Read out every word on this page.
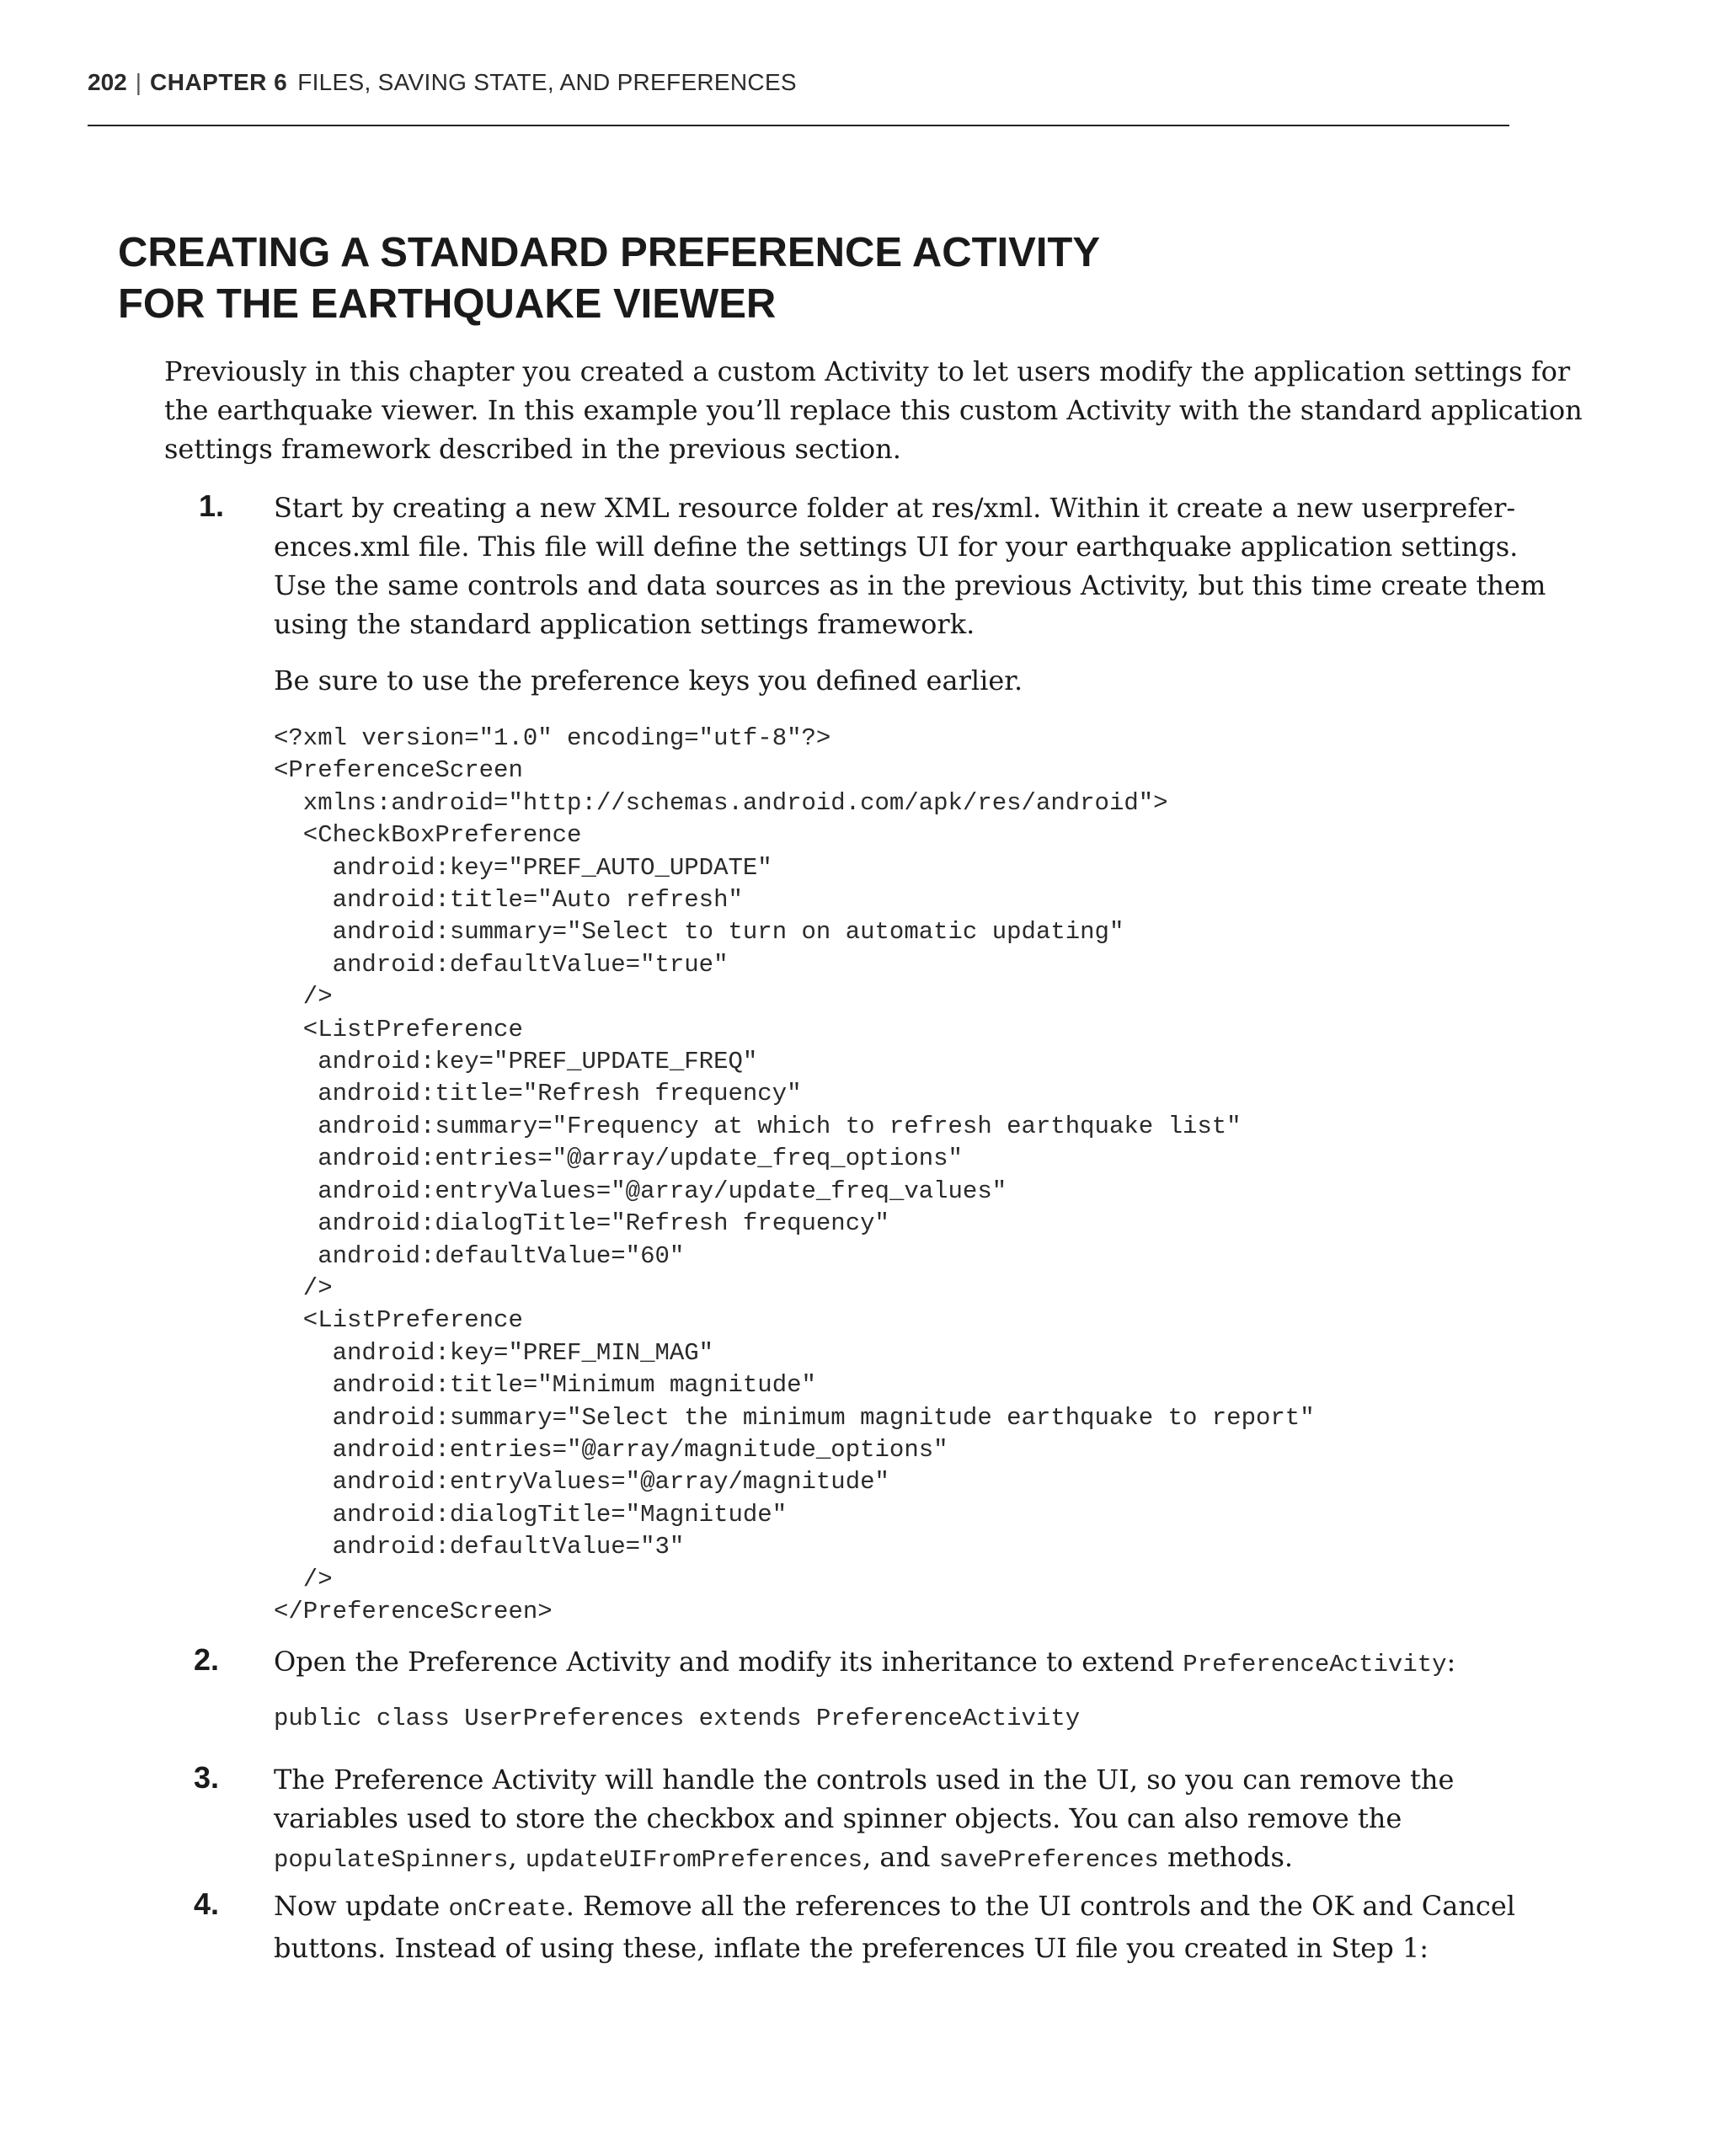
202 | CHAPTER 6 FILES, SAVING STATE, AND PREFERENCES
CREATING A STANDARD PREFERENCE ACTIVITY
FOR THE EARTHQUAKE VIEWER

Previously in this chapter you created a custom Activity to let users modify the application settings for
the earthquake viewer. In this example you’ll replace this custom Activity with the standard application
settings framework described in the previous section.

1. Start by creating a new XML resource folder at res/xml. Within it create a new userprefer-
ences.xml file. This file will define the settings UI for your earthquake application settings.
Use the same controls and data sources as in the previous Activity, but this time create them
using the standard application settings framework.

Be sure to use the preference keys you defined earlier.

<?xml version="1.0" encoding="utf-8"?>
<PreferenceScreen
xmlns:android="http://schemas.android.com/apk/res/android">
<CheckBoxPreference
android:key="PREF_AUTO_UPDATE"
android:title="Auto refresh"
android:summary="Select to turn on automatic updating"
android:defaultValue="true"
/>
<ListPreference
android:key="PREF_UPDATE_FREQ"
android:title="Refresh frequency"
android:summary="Frequency at which to refresh earthquake list"
android:entries="@array/update_freq_options"
android:entryValues="@array/update_freq_values"
android:dialogTitle="Refresh frequency"
android:defaultValue="60"
/>
<ListPreference
android:key="PREF_MIN_MAG"
android:title="Minimum magnitude"
android:summary="Select the minimum magnitude earthquake to report"
android:entries="@array/magnitude_options"
android:entryValues="@array/magnitude"
android:dialogTitle="Magnitude"
android:defaultValue="3"
/>
</PreferenceScreen>
2. Open the Preference Activity and modify its inheritance to extend PreferenceActivity:

public class UserPreferences extends PreferenceActivity
3. The Preference Activity will handle the controls used in the UI, so you can remove the
variables used to store the checkbox and spinner objects. You can also remove the
populateSpinners, updateUIFromPreferences, and savePreferences methods.

4. Now update onCreate. Remove all the references to the UI controls and the OK and Cancel
buttons. Instead of using these, inflate the preferences UI file you created in Step 1:
